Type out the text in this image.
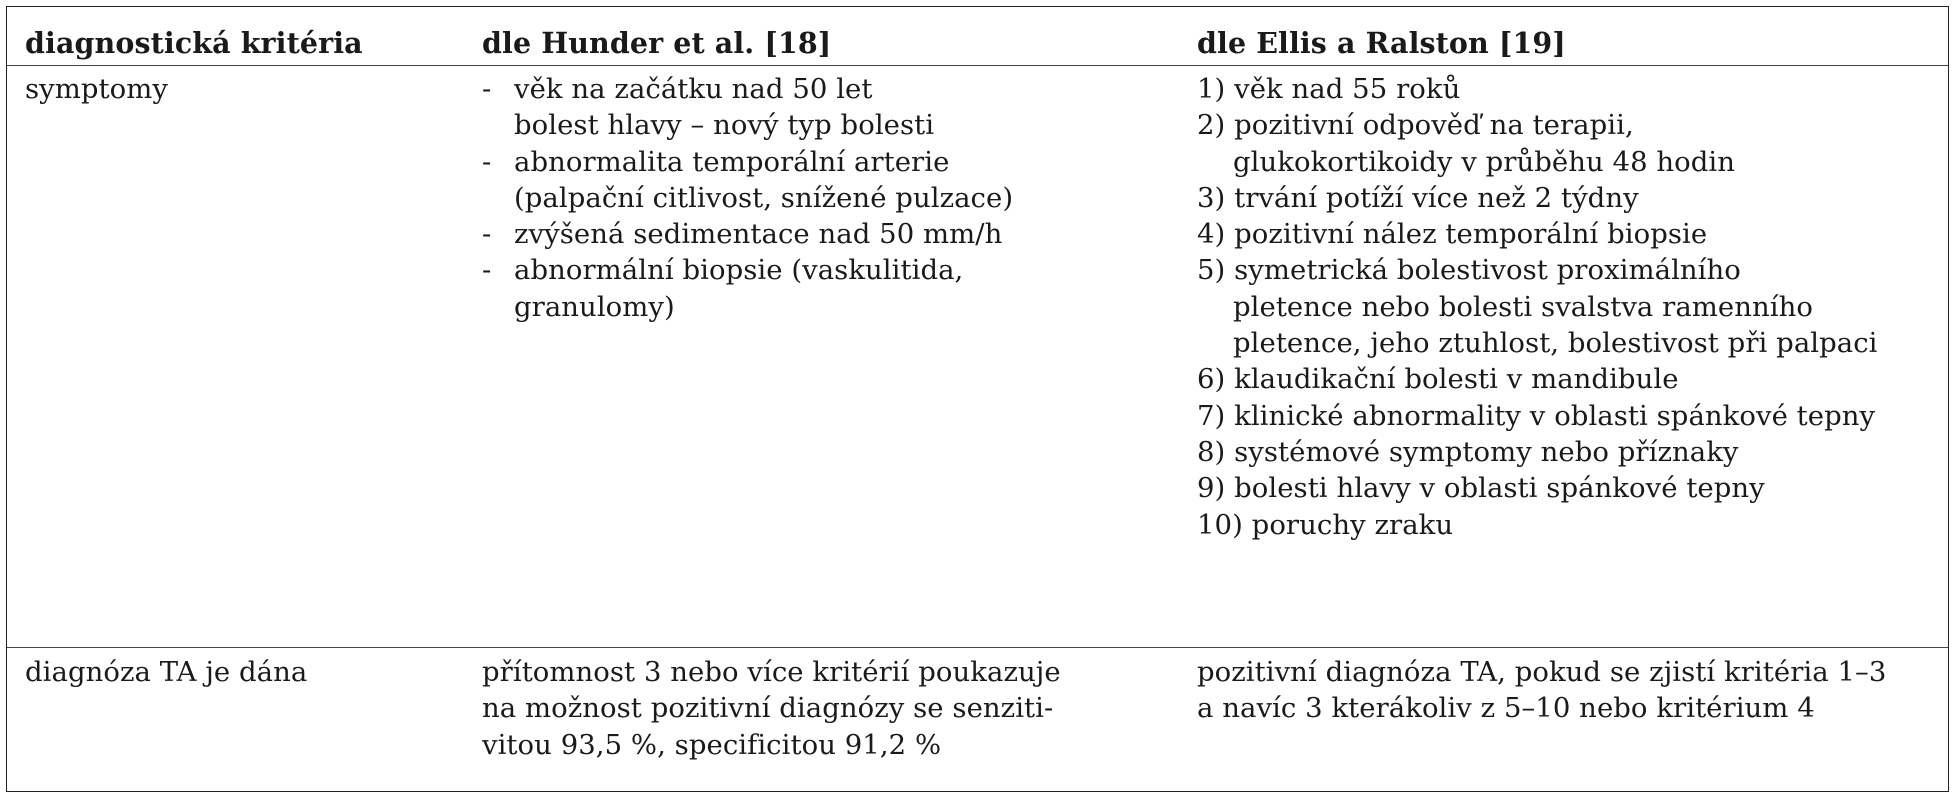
diagnostická kritéria
symptomy
diagnóza TA je dána
dle Hunder et al. [18]
- věk na začátku nad 50 let
bolest hlavy – nový typ bolesti
- abnormalita temporální arterie
(palpační citlivost, snížené pulzace)
- zvýšená sedimentace nad 50 mm/h
- abnormální biopsie (vaskulitida,
granulomy)
přítomnost 3 nebo více kritérií poukazuje
na možnost pozitivní diagnózy se senziti-
vitou 93,5 %, specificitou 91,2 %
dle Ellis a Ralston [19]
1) věk nad 55 roků
2) pozitivní odpověď na terapii,
glukokortikoidy v průběhu 48 hodin
3) trvání potíží více než 2 týdny
4) pozitivní nález temporální biopsie
5) symetrická bolestivost proximálního
pletence nebo bolesti svalstva ramenního
pletence, jeho ztuhlost, bolestivost při palpaci
6) klaudikační bolesti v mandibule
7) klinické abnormality v oblasti spánkové tepny
8) systémové symptomy nebo příznaky
9) bolesti hlavy v oblasti spánkové tepny
10) poruchy zraku
pozitivní diagnóza TA, pokud se zjistí kritéria 1–3
a navíc 3 kterákoliv z 5–10 nebo kritérium 4
